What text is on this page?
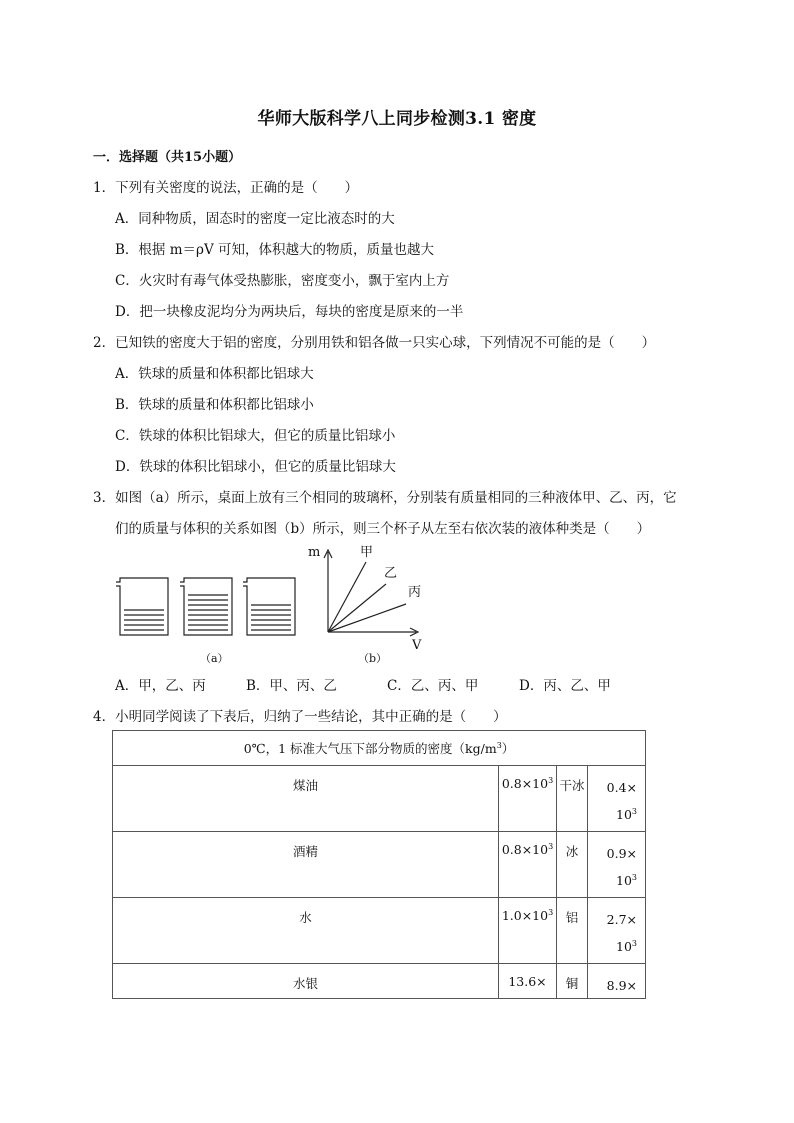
华师大版科学八上同步检测3.1 密度
一．选择题（共15小题）
1．下列有关密度的说法，正确的是（　　）
A．同种物质，固态时的密度一定比液态时的大
B．根据 m＝ρV 可知，体积越大的物质，质量也越大
C．火灾时有毒气体受热膨胀，密度变小，飘于室内上方
D．把一块橡皮泥均分为两块后，每块的密度是原来的一半
2．已知铁的密度大于铝的密度，分别用铁和铝各做一只实心球，下列情况不可能的是（　　）
A．铁球的质量和体积都比铝球大
B．铁球的质量和体积都比铝球小
C．铁球的体积比铝球大，但它的质量比铝球小
D．铁球的体积比铝球小，但它的质量比铝球大
3．如图（a）所示，桌面上放有三个相同的玻璃杯，分别装有质量相同的三种液体甲、乙、丙，它
们的质量与体积的关系如图（b）所示，则三个杯子从左至右依次装的液体种类是（　　）
m
V
甲
乙
丙
（a）	（b）
A．甲，乙、丙	B．甲、丙、乙	C．乙、丙、甲	D．丙、乙、甲
4．小明同学阅读了下表后，归纳了一些结论，其中正确的是（　　）
0℃，1 标准大气压下部分物质的密度$(kg/m^3)$			
煤油	$0.8\times 10^3$	干冰	0.4×
$10^3$
酒精	$0.8\times 10^3$	冰	0.9×
$10^3$
水	$1.0\times 10^3$	铝	2.7×
$10^3$
水银	13.6×	铜	8.9×
